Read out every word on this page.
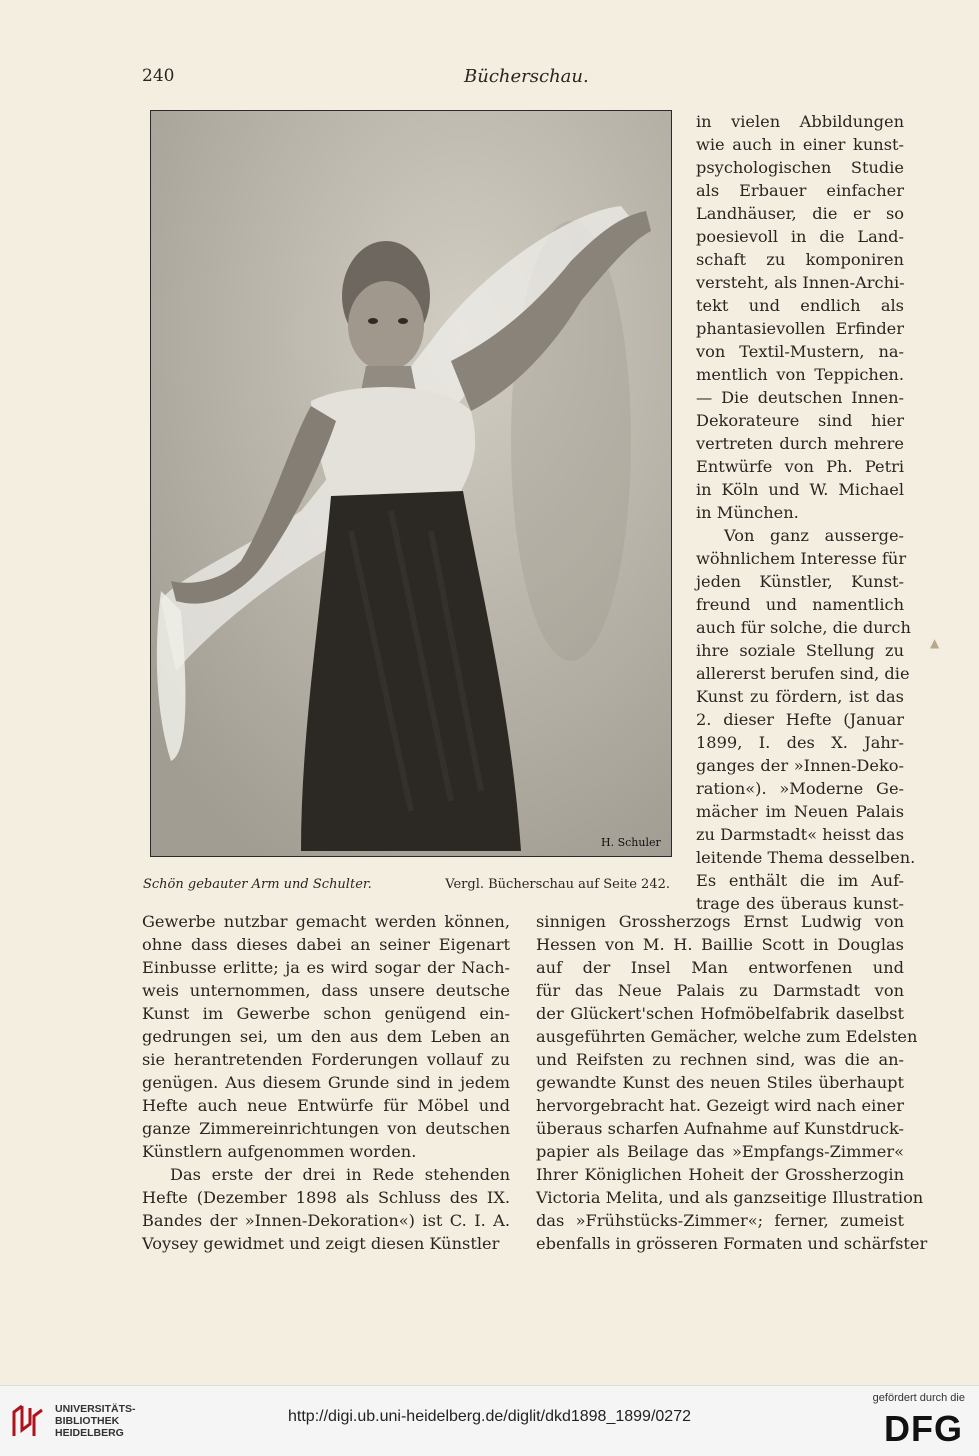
240	Bücherschau.
H. Schuler
Schön gebauter Arm und Schulter.	Vergl. Bücherschau auf Seite 242.
in vielen Abbildungen
wie auch in einer kunst-
psychologischen Studie
als Erbauer einfacher
Landhäuser, die er so
poesievoll in die Land-
schaft zu komponiren
versteht, als Innen-Archi-
tekt und endlich als
phantasievollen Erfinder
von Textil-Mustern, na-
mentlich von Teppichen.
— Die deutschen Innen-
Dekorateure sind hier
vertreten durch mehrere
Entwürfe von Ph. Petri
in Köln und W. Michael
in München.
Von ganz ausserge-
wöhnlichem Interesse für
jeden Künstler, Kunst-
freund und namentlich
auch für solche, die durch
ihre soziale Stellung zu
allererst berufen sind, die
Kunst zu fördern, ist das
2. dieser Hefte (Januar
1899, I. des X. Jahr-
ganges der »Innen-Deko-
ration«). »Moderne Ge-
mächer im Neuen Palais
zu Darmstadt« heisst das
leitende Thema desselben.
Es enthält die im Auf-
trage des überaus kunst-
Gewerbe nutzbar gemacht werden können,
ohne dass dieses dabei an seiner Eigenart
Einbusse erlitte; ja es wird sogar der Nach-
weis unternommen, dass unsere deutsche
Kunst im Gewerbe schon genügend ein-
gedrungen sei, um den aus dem Leben an
sie herantretenden Forderungen vollauf zu
genügen. Aus diesem Grunde sind in jedem
Hefte auch neue Entwürfe für Möbel und
ganze Zimmereinrichtungen von deutschen
Künstlern aufgenommen worden.
Das erste der drei in Rede stehenden
Hefte (Dezember 1898 als Schluss des IX.
Bandes der »Innen-Dekoration«) ist C. I. A.
Voysey gewidmet und zeigt diesen Künstler
sinnigen Grossherzogs Ernst Ludwig von
Hessen von M. H. Baillie Scott in Douglas
auf der Insel Man entworfenen und
für das Neue Palais zu Darmstadt von
der Glückert'schen Hofmöbelfabrik daselbst
ausgeführten Gemächer, welche zum Edelsten
und Reifsten zu rechnen sind, was die an-
gewandte Kunst des neuen Stiles überhaupt
hervorgebracht hat. Gezeigt wird nach einer
überaus scharfen Aufnahme auf Kunstdruck-
papier als Beilage das »Empfangs-Zimmer«
Ihrer Königlichen Hoheit der Grossherzogin
Victoria Melita, und als ganzseitige Illustration
das »Frühstücks-Zimmer«; ferner, zumeist
ebenfalls in grösseren Formaten und schärfster
▲
UNIVERSITÄTS-
BIBLIOTHEK
HEIDELBERG
http://digi.ub.uni-heidelberg.de/diglit/dkd1898_1899/0272
gefördert durch die
DFG
